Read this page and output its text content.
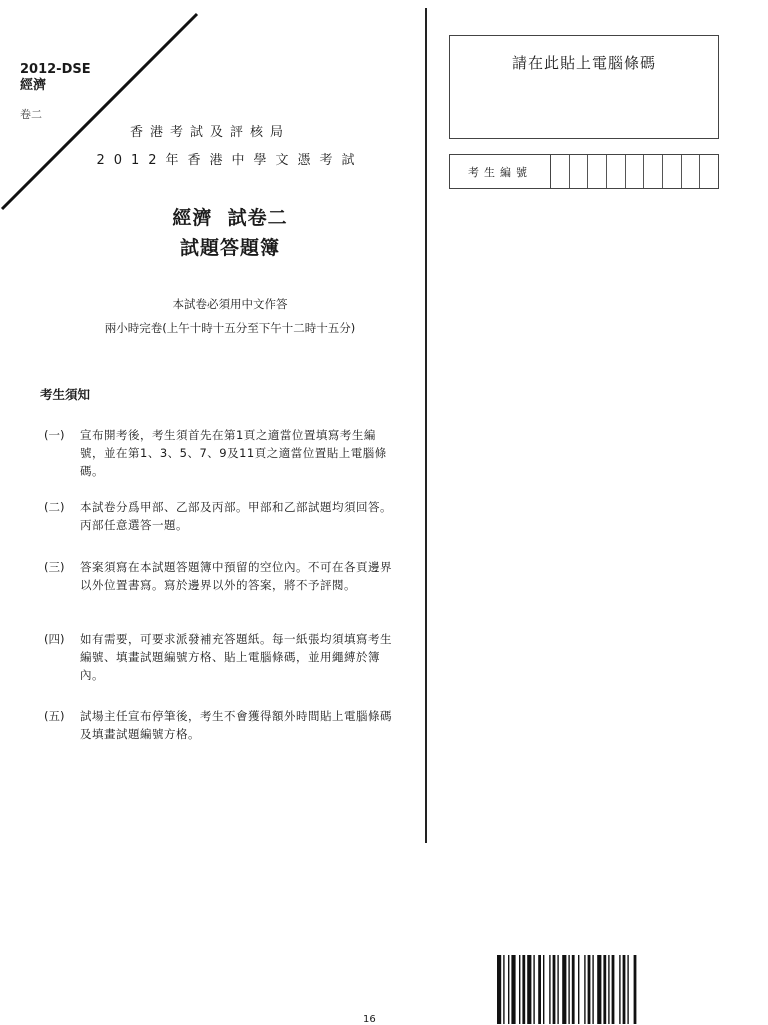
2012-DSE
經濟
卷二
香港考試及評核局
2012年香港中學文憑考試
經濟  試卷二
試題答題簿
本試卷必須用中文作答
兩小時完卷(上午十時十五分至下午十二時十五分)
考生須知
(一) 宣布開考後，考生須首先在第1頁之適當位置填寫考生編號，並在第1、3、5、7、9及11頁之適當位置貼上電腦條碼。
(二) 本試卷分爲甲部、乙部及丙部。甲部和乙部試題均須回答。丙部任意選答一題。
(三) 答案須寫在本試題答題簿中預留的空位內。不可在各頁邊界以外位置書寫。寫於邊界以外的答案，將不予評閱。
(四) 如有需要，可要求派發補充答題紙。每一紙張均須填寫考生編號、填畫試題編號方格、貼上電腦條碼，並用繩縛於簿內。
(五) 試場主任宣布停筆後，考生不會獲得額外時間貼上電腦條碼及填畫試題編號方格。
請在此貼上電腦條碼
考生編號
16
